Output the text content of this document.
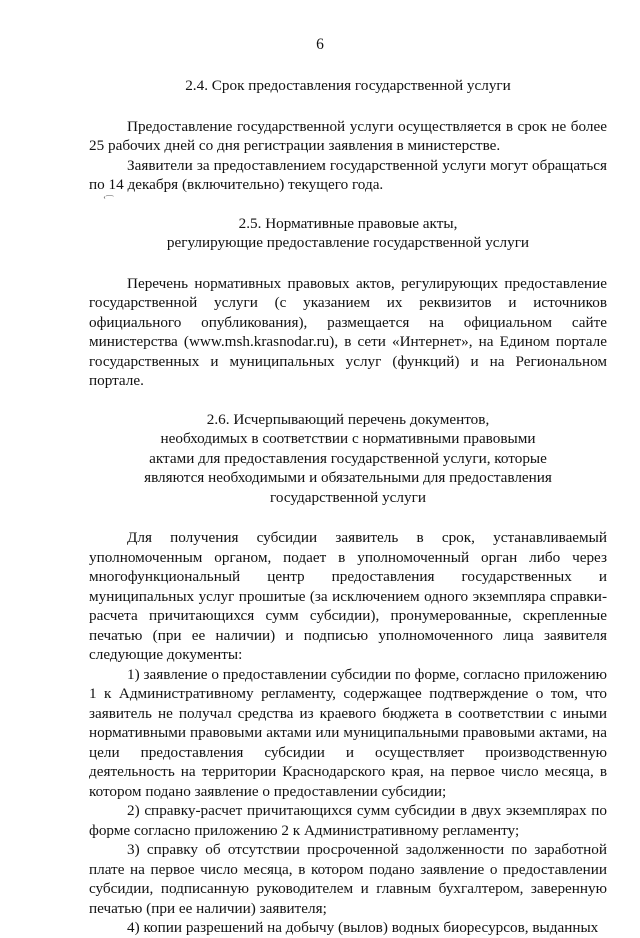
6
‛⁀
2.4. Срок предоставления государственной услуги

Предоставление государственной услуги осуществляется в срок не более 25 рабочих дней со дня регистрации заявления в министерстве.

Заявители за предоставлением государственной услуги могут обращаться по 14 декабря (включительно) текущего года.

2.5. Нормативные правовые акты,
регулирующие предоставление государственной услуги

Перечень нормативных правовых актов, регулирующих предоставление государственной услуги (с указанием их реквизитов и источников официального опубликования), размещается на официальном сайте министерства (www.msh.krasnodar.ru), в сети «Интернет», на Едином портале государственных и муниципальных услуг (функций) и на Региональном портале.

2.6. Исчерпывающий перечень документов,
необходимых в соответствии с нормативными правовыми
актами для предоставления государственной услуги, которые
являются необходимыми и обязательными для предоставления
государственной услуги

Для получения субсидии заявитель в срок, устанавливаемый уполномоченным органом, подает в уполномоченный орган либо через многофункциональный центр предоставления государственных и муниципальных услуг прошитые (за исключением одного экземпляра справки-расчета причитающихся сумм субсидии), пронумерованные, скрепленные печатью (при ее наличии) и подписью уполномоченного лица заявителя следующие документы:

1) заявление о предоставлении субсидии по форме, согласно приложению 1 к Административному регламенту, содержащее подтверждение о том, что заявитель не получал средства из краевого бюджета в соответствии с иными нормативными правовыми актами или муниципальными правовыми актами, на цели предоставления субсидии и осуществляет производственную деятельность на территории Краснодарского края, на первое число месяца, в котором подано заявление о предоставлении субсидии;

2) справку-расчет причитающихся сумм субсидии в двух экземплярах по форме согласно приложению 2 к Административному регламенту;

3) справку об отсутствии просроченной задолженности по заработной плате на первое число месяца, в котором подано заявление о предоставлении субсидии, подписанную руководителем и главным бухгалтером, заверенную печатью (при ее наличии) заявителя;

4) копии разрешений на добычу (вылов) водных биоресурсов, выданных
